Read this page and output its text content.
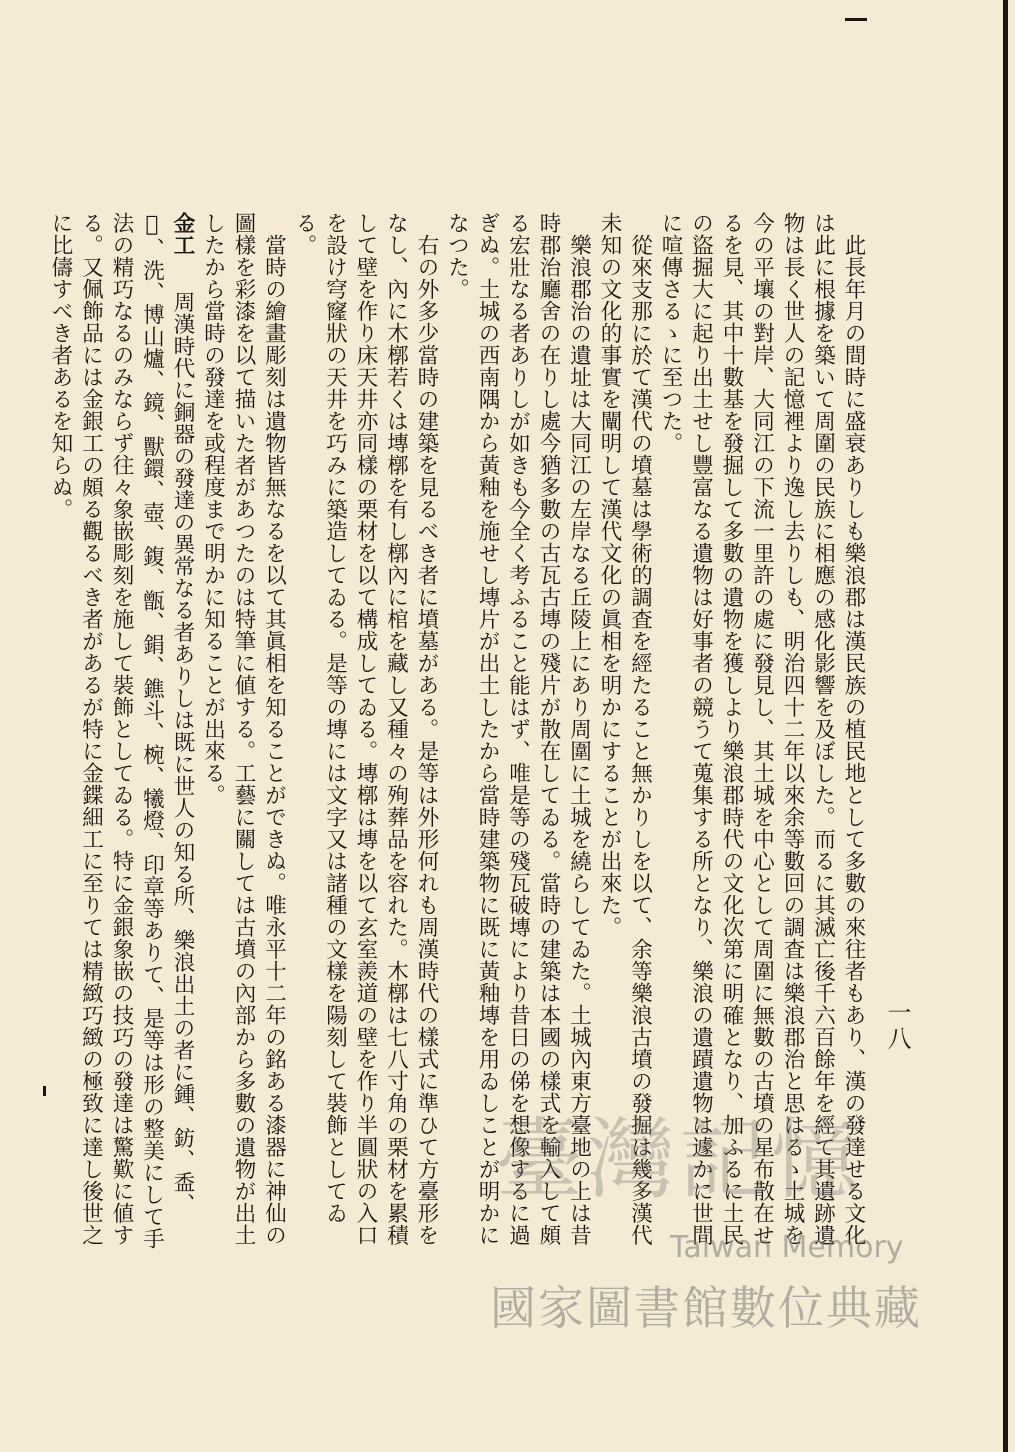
一八

此長年月の間時に盛衰ありしも樂浪郡は漢民族の植民地として多數の來往者もあり、漢の發達せる文化は此に根據を築いて周圍の民族に相應の感化影響を及ぼした。而るに其滅亡後千六百餘年を經て其遺跡遺物は長く世人の記憶裡より逸し去りしも、明治四十二年以來余等數回の調査は樂浪郡治と思はるゝ土城を今の平壤の對岸、大同江の下流一里許の處に發見し、其土城を中心として周圍に無數の古墳の星布散在せるを見、其中十數基を發掘して多數の遺物を獲しより樂浪郡時代の文化次第に明確となり、加ふるに土民の盜掘大に起り出土せし豐富なる遺物は好事者の競うて蒐集する所となり、樂浪の遺蹟遺物は遽かに世間に喧傳さるゝに至つた。

從來支那に於て漢代の墳墓は學術的調査を經たること無かりしを以て、余等樂浪古墳の發掘は幾多漢代未知の文化的事實を闡明して漢代文化の眞相を明かにすることが出來た。

樂浪郡治の遺址は大同江の左岸なる丘陵上にあり周圍に土城を繞らしてゐた。土城內東方臺地の上は昔時郡治廳舍の在りし處今猶多數の古瓦古塼の殘片が散在してゐる。當時の建築は本國の樣式を輸入して頗る宏壯なる者ありしが如きも今全く考ふること能はず、唯是等の殘瓦破塼により昔日の俤を想像するに過ぎぬ。土城の西南隅から黃釉を施せし塼片が出土したから當時建築物に既に黃釉塼を用ゐしことが明かになつた。

右の外多少當時の建築を見るべき者に墳墓がある。是等は外形何れも周漢時代の樣式に準ひて方臺形をなし、內に木槨若くは塼槨を有し槨內に棺を藏し又種々の殉葬品を容れた。木槨は七八寸角の栗材を累積して壁を作り床天井亦同樣の栗材を以て構成してゐる。塼槨は塼を以て玄室羨道の壁を作り半圓狀の入口を設け穹窿狀の天井を巧みに築造してゐる。是等の塼には文字又は諸種の文樣を陽刻して裝飾としてゐる。

當時の繪畫彫刻は遺物皆無なるを以て其眞相を知ることができぬ。唯永平十二年の銘ある漆器に神仙の圖樣を彩漆を以て描いた者があつたのは特筆に値する。工藝に關しては古墳の內部から多數の遺物が出土したから當時の發達を或程度まで明かに知ることが出來る。

金工　周漢時代に銅器の發達の異常なる者ありしは既に世人の知る所、樂浪出土の者に鍾、鈁、盉、𨦤、洗、博山爐、鏡、獸鐶、壺、鍑、甑、鋗、鐎斗、椀、犧燈、印章等ありて、是等は形の整美にして手法の精巧なるのみならず往々象嵌彫刻を施して裝飾としてゐる。特に金銀象嵌の技巧の發達は驚歎に値する。又佩飾品には金銀工の頗る觀るべき者があるが特に金鍱細工に至りては精緻巧緻の極致に達し後世之に比儔すべき者あるを知らぬ。

臺灣記憶
Taiwan Memory
國家圖書館數位典藏
